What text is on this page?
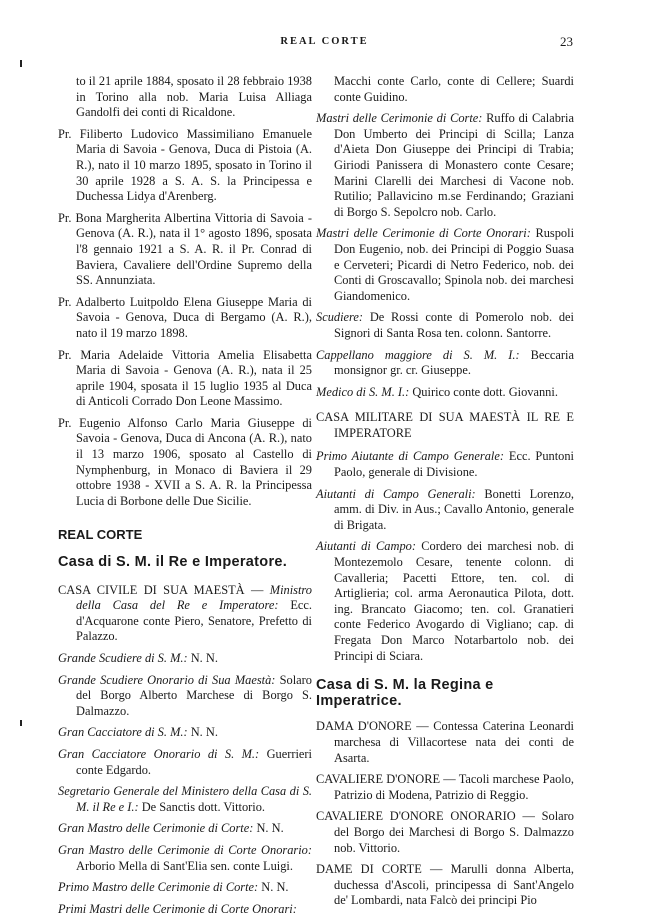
REAL CORTE	23

to il 21 aprile 1884, sposato il 28 febbraio 1938 in Torino alla nob. Maria Luisa Alliaga Gandolfi dei conti di Ricaldone.

Pr. Filiberto Ludovico Massimiliano Emanuele Maria di Savoia - Genova, Duca di Pistoia (A. R.), nato il 10 marzo 1895, sposato in Torino il 30 aprile 1928 a S. A. S. la Principessa e Duchessa Lidya d'Arenberg.

Pr. Bona Margherita Albertina Vittoria di Savoia - Genova (A. R.), nata il 1° agosto 1896, sposata l'8 gennaio 1921 a S. A. R. il Pr. Conrad di Baviera, Cavaliere dell'Ordine Supremo della SS. Annunziata.

Pr. Adalberto Luitpoldo Elena Giuseppe Maria di Savoia - Genova, Duca di Bergamo (A. R.), nato il 19 marzo 1898.

Pr. Maria Adelaide Vittoria Amelia Elisabetta Maria di Savoia - Genova (A. R.), nata il 25 aprile 1904, sposata il 15 luglio 1935 al Duca di Anticoli Corrado Don Leone Massimo.

Pr. Eugenio Alfonso Carlo Maria Giuseppe di Savoia - Genova, Duca di Ancona (A. R.), nato il 13 marzo 1906, sposato al Castello di Nymphenburg, in Monaco di Baviera il 29 ottobre 1938 - XVII a S. A. R. la Principessa Lucia di Borbone delle Due Sicilie.

REAL CORTE
Casa di S. M. il Re e Imperatore.

CASA CIVILE DI SUA MAESTÀ — Ministro della Casa del Re e Imperatore: Ecc. d'Acquarone conte Piero, Senatore, Prefetto di Palazzo.

Grande Scudiere di S. M.: N. N.

Grande Scudiere Onorario di Sua Maestà: Solaro del Borgo Alberto Marchese di Borgo S. Dalmazzo.

Gran Cacciatore di S. M.: N. N.

Gran Cacciatore Onorario di S. M.: Guerrieri conte Edgardo.

Segretario Generale del Ministero della Casa di S. M. il Re e I.: De Sanctis dott. Vittorio.

Gran Mastro delle Cerimonie di Corte: N. N.

Gran Mastro delle Cerimonie di Corte Onorario: Arborio Mella di Sant'Elia sen. conte Luigi.

Primo Mastro delle Cerimonie di Corte: N. N.

Primi Mastri delle Cerimonie di Corte Onorari:

Macchi conte Carlo, conte di Cellere; Suardi conte Guidino.

Mastri delle Cerimonie di Corte: Ruffo di Calabria Don Umberto dei Principi di Scilla; Lanza d'Aieta Don Giuseppe dei Principi di Trabia; Giriodi Panissera di Monastero conte Cesare; Marini Clarelli dei Marchesi di Vacone nob. Rutilio; Pallavicino m.se Ferdinando; Graziani di Borgo S. Sepolcro nob. Carlo.

Mastri delle Cerimonie di Corte Onorari: Ruspoli Don Eugenio, nob. dei Principi di Poggio Suasa e Cerveteri; Picardi di Netro Federico, nob. dei Conti di Groscavallo; Spinola nob. dei marchesi Giandomenico.

Scudiere: De Rossi conte di Pomerolo nob. dei Signori di Santa Rosa ten. colonn. Santorre.

Cappellano maggiore di S. M. I.: Beccaria monsignor gr. cr. Giuseppe.

Medico di S. M. I.: Quirico conte dott. Giovanni.

CASA MILITARE DI SUA MAESTÀ IL RE E IMPERATORE

Primo Aiutante di Campo Generale: Ecc. Puntoni Paolo, generale di Divisione.

Aiutanti di Campo Generali: Bonetti Lorenzo, amm. di Div. in Aus.; Cavallo Antonio, generale di Brigata.

Aiutanti di Campo: Cordero dei marchesi nob. di Montezemolo Cesare, tenente colonn. di Cavalleria; Pacetti Ettore, ten. col. di Artiglieria; col. arma Aeronautica Pilota, dott. ing. Brancato Giacomo; ten. col. Granatieri conte Federico Avogardo di Vigliano; cap. di Fregata Don Marco Notarbartolo nob. dei Principi di Sciara.

Casa di S. M. la Regina e Imperatrice.

DAMA D'ONORE — Contessa Caterina Leonardi marchesa di Villacortese nata dei conti de Asarta.

CAVALIERE D'ONORE — Tacoli marchese Paolo, Patrizio di Modena, Patrizio di Reggio.

CAVALIERE D'ONORE ONORARIO — Solaro del Borgo dei Marchesi di Borgo S. Dalmazzo nob. Vittorio.

DAME DI CORTE — Marulli donna Alberta, duchessa d'Ascoli, principessa di Sant'Angelo de' Lombardi, nata Falcò dei principi Pio
